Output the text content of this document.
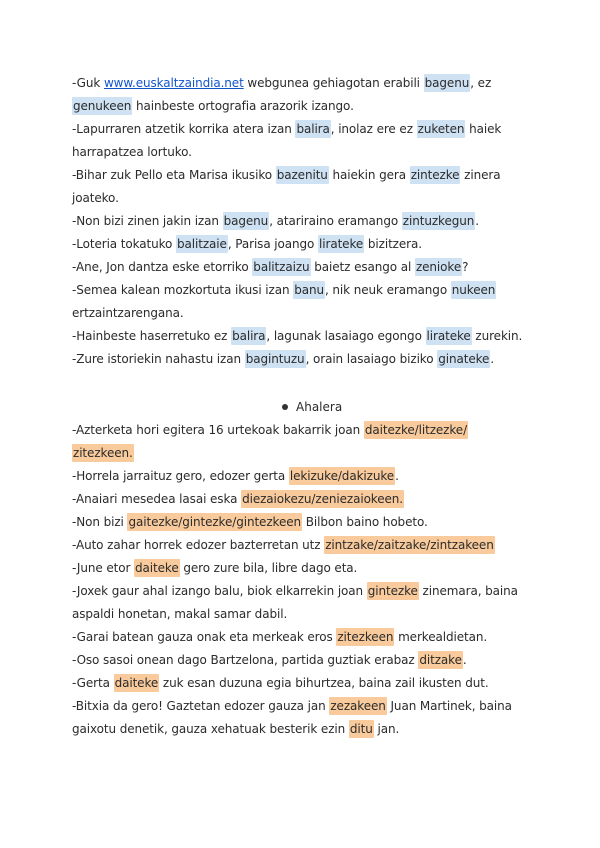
-Guk www.euskaltzaindia.net webgunea gehiagotan erabili bagenu, ez
genukeen hainbeste ortografia arazorik izango.
-Lapurraren atzetik korrika atera izan balira, inolaz ere ez zuketen haiek
harrapatzea lortuko.
-Bihar zuk Pello eta Marisa ikusiko bazenitu haiekin gera zintezke zinera
joateko.
-Non bizi zinen jakin izan bagenu, atariraino eramango zintuzkegun.
-Loteria tokatuko balitzaie, Parisa joango lirateke bizitzera.
-Ane, Jon dantza eske etorriko balitzaizu baietz esango al zenioke?
-Semea kalean mozkortuta ikusi izan banu, nik neuk eramango nukeen
ertzaintzarengana.
-Hainbeste haserretuko ez balira, lagunak lasaiago egongo lirateke zurekin.
-Zure istoriekin nahastu izan bagintuzu, orain lasaiago biziko ginateke.
Ahalera
-Azterketa hori egitera 16 urtekoak bakarrik joan daitezke/litzezke/
zitezkeen.
-Horrela jarraituz gero, edozer gerta lekizuke/dakizuke.
-Anaiari mesedea lasai eska diezaiokezu/zeniezaiokeen.
-Non bizi gaitezke/gintezke/gintezkeen Bilbon baino hobeto.
-Auto zahar horrek edozer bazterretan utz zintzake/zaitzake/zintzakeen
-June etor daiteke gero zure bila, libre dago eta.
-Joxek gaur ahal izango balu, biok elkarrekin joan gintezke zinemara, baina
aspaldi honetan, makal samar dabil.
-Garai batean gauza onak eta merkeak eros zitezkeen merkealdietan.
-Oso sasoi onean dago Bartzelona, partida guztiak erabaz ditzake.
-Gerta daiteke zuk esan duzuna egia bihurtzea, baina zail ikusten dut.
-Bitxia da gero! Gaztetan edozer gauza jan zezakeen Juan Martinek, baina
gaixotu denetik, gauza xehatuak besterik ezin ditu jan.
